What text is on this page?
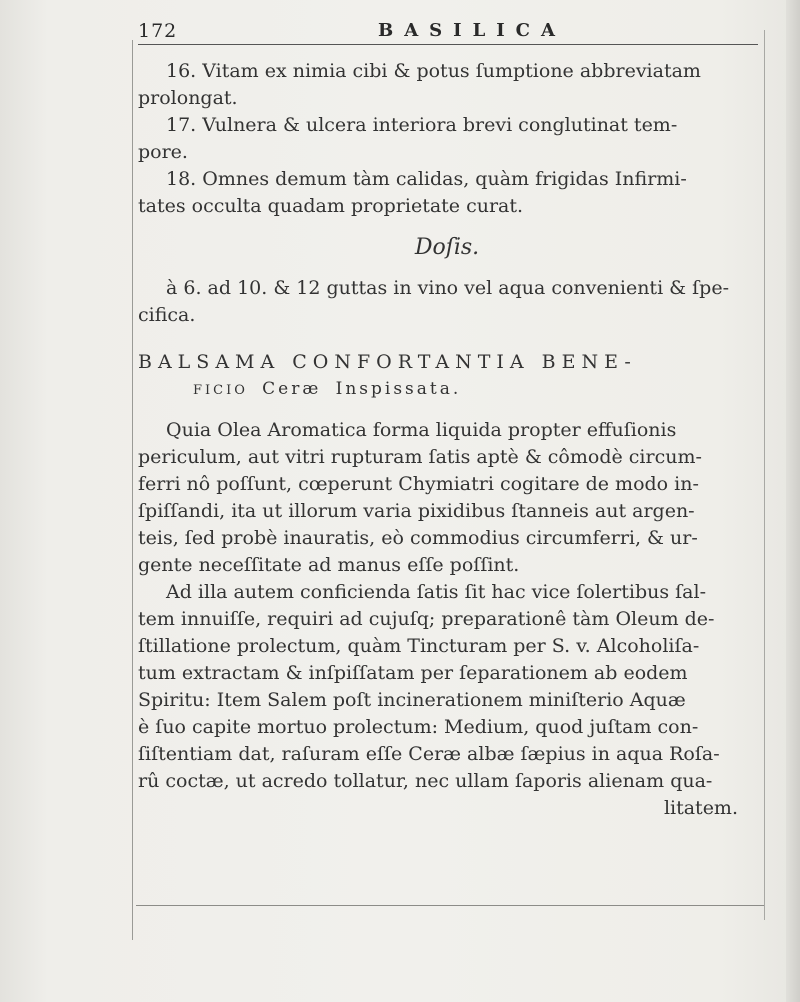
172	BASILICA
16. Vitam ex nimia cibi & potus ſumptione abbreviatam
prolongat.
17. Vulnera & ulcera interiora brevi conglutinat tem-
pore.
18. Omnes demum tàm calidas, quàm frigidas Infirmi-
tates occulta quadam proprietate curat.
Doſis.
à 6. ad 10. & 12 guttas in vino vel aqua convenienti & ſpe-
cifica.
BALSAMA CONFORTANTIA BENE-
FICIO Ceræ Inspissata.
Quia Olea Aromatica forma liquida propter effuſionis
periculum, aut vitri rupturam ſatis aptè & cômodè circum-
ferri nô poſſunt, cœperunt Chymiatri cogitare de modo in-
ſpiſſandi, ita ut illorum varia pixidibus ſtanneis aut argen-
teis, ſed probè inauratis, eò commodius circumferri, & ur-
gente neceſſitate ad manus eſſe poſſint.
Ad illa autem conficienda ſatis ſit hac vice ſolertibus ſal-
tem innuiſſe, requiri ad cujuſq; preparationê tàm Oleum de-
ſtillatione prolectum, quàm Tincturam per S. v. Alcoholiſa-
tum extractam & inſpiſſatam per ſeparationem ab eodem
Spiritu: Item Salem poſt incinerationem miniſterio Aquæ
è ſuo capite mortuo prolectum: Medium, quod juſtam con-
ſiſtentiam dat, raſuram eſſe Ceræ albæ ſæpius in aqua Roſa-
rû coctæ, ut acredo tollatur, nec ullam ſaporis alienam qua-
litatem.
